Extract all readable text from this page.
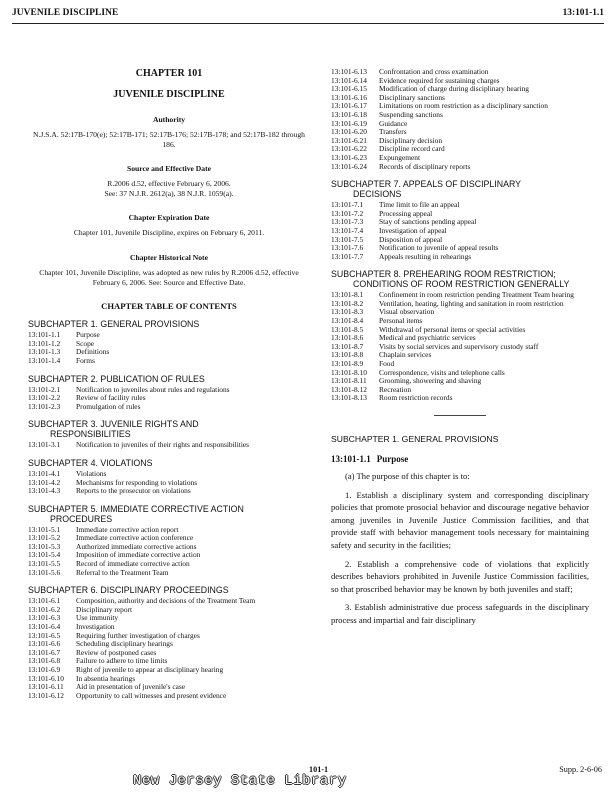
JUVENILE DISCIPLINE	13:101-1.1
CHAPTER 101
JUVENILE DISCIPLINE
Authority
N.J.S.A. 52:17B-170(e); 52:17B-171; 52:17B-176; 52:17B-178; and 52:17B-182 through 186.
Source and Effective Date
R.2006 d.52, effective February 6, 2006.
See: 37 N.J.R. 2612(a), 38 N.J.R. 1059(a).
Chapter Expiration Date
Chapter 101, Juvenile Discipline, expires on February 6, 2011.
Chapter Historical Note
Chapter 101, Juvenile Discipline, was adopted as new rules by R.2006 d.52, effective February 6, 2006. See: Source and Effective Date.
CHAPTER TABLE OF CONTENTS
SUBCHAPTER 1. GENERAL PROVISIONS
13:101-1.1	Purpose
13:101-1.2	Scope
13:101-1.3	Definitions
13:101-1.4	Forms
SUBCHAPTER 2. PUBLICATION OF RULES
13:101-2.1	Notification to juveniles about rules and regulations
13:101-2.2	Review of facility rules
13:101-2.3	Promulgation of rules
SUBCHAPTER 3. JUVENILE RIGHTS AND
RESPONSIBILITIES
13:101-3.1	Notification to juveniles of their rights and responsibilities
SUBCHAPTER 4. VIOLATIONS
13:101-4.1	Violations
13:101-4.2	Mechanisms for responding to violations
13:101-4.3	Reports to the prosecutor on violations
SUBCHAPTER 5. IMMEDIATE CORRECTIVE ACTION
PROCEDURES
13:101-5.1	Immediate corrective action report
13:101-5.2	Immediate corrective action conference
13:101-5.3	Authorized immediate corrective actions
13:101-5.4	Imposition of immediate corrective action
13:101-5.5	Record of immediate corrective action
13:101-5.6	Referral to the Treatment Team
SUBCHAPTER 6. DISCIPLINARY PROCEEDINGS
13:101-6.1	Composition, authority and decisions of the Treatment Team
13:101-6.2	Disciplinary report
13:101-6.3	Use immunity
13:101-6.4	Investigation
13:101-6.5	Requiring further investigation of charges
13:101-6.6	Scheduling disciplinary hearings
13:101-6.7	Review of postponed cases
13:101-6.8	Failure to adhere to time limits
13:101-6.9	Right of juvenile to appear at disciplinary hearing
13:101-6.10	In absentia hearings
13:101-6.11	Aid in presentation of juvenile's case
13:101-6.12	Opportunity to call witnesses and present evidence
13:101-6.13	Confrontation and cross examination
13:101-6.14	Evidence required for sustaining charges
13:101-6.15	Modification of charge during disciplinary hearing
13:101-6.16	Disciplinary sanctions
13:101-6.17	Limitations on room restriction as a disciplinary sanction
13:101-6.18	Suspending sanctions
13:101-6.19	Guidance
13:101-6.20	Transfers
13:101-6.21	Disciplinary decision
13:101-6.22	Discipline record card
13:101-6.23	Expungement
13:101-6.24	Records of disciplinary reports
SUBCHAPTER 7. APPEALS OF DISCIPLINARY
DECISIONS
13:101-7.1	Time limit to file an appeal
13:101-7.2	Processing appeal
13:101-7.3	Stay of sanctions pending appeal
13:101-7.4	Investigation of appeal
13:101-7.5	Disposition of appeal
13:101-7.6	Notification to juvenile of appeal results
13:101-7.7	Appeals resulting in rehearings
SUBCHAPTER 8. PREHEARING ROOM RESTRICTION;
CONDITIONS OF ROOM RESTRICTION GENERALLY
13:101-8.1	Confinement in room restriction pending Treatment Team hearing
13:101-8.2	Ventilation, heating, lighting and sanitation in room restriction
13:101-8.3	Visual observation
13:101-8.4	Personal items
13:101-8.5	Withdrawal of personal items or special activities
13:101-8.6	Medical and psychiatric services
13:101-8.7	Visits by social services and supervisory custody staff
13:101-8.8	Chaplain services
13:101-8.9	Food
13:101-8.10	Correspondence, visits and telephone calls
13:101-8.11	Grooming, showering and shaving
13:101-8.12	Recreation
13:101-8.13	Room restriction records
SUBCHAPTER 1. GENERAL PROVISIONS
13:101-1.1 Purpose
(a) The purpose of this chapter is to:
1. Establish a disciplinary system and corresponding disciplinary policies that promote prosocial behavior and discourage negative behavior among juveniles in Juvenile Justice Commission facilities, and that provide staff with behavior management tools necessary for maintaining safety and security in the facilities;
2. Establish a comprehensive code of violations that explicitly describes behaviors prohibited in Juvenile Justice Commission facilities, so that proscribed behavior may be known by both juveniles and staff;
3. Establish administrative due process safeguards in the disciplinary process and impartial and fair disciplinary
101-1	Supp. 2-6-06
New Jersey State Library
